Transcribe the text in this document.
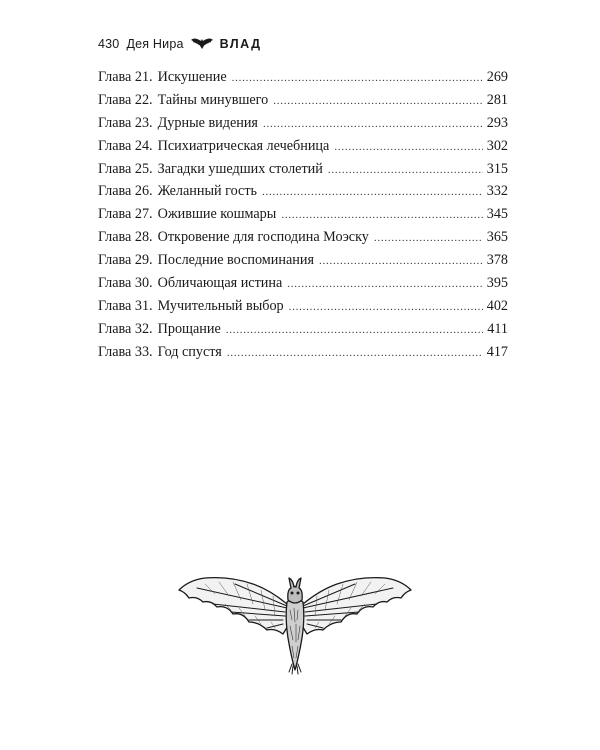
430 Дея Нира	ВЛАД
Глава 21. Искушение . . .	269
Глава 22. Тайны минувшего . . .	281
Глава 23. Дурные видения . . .	293
Глава 24. Психиатрическая лечебница . . .	302
Глава 25. Загадки ушедших столетий . . .	315
Глава 26. Желанный гость . . .	332
Глава 27. Ожившие кошмары . . .	345
Глава 28. Откровение для господина Моэску . . .	365
Глава 29. Последние воспоминания . . .	378
Глава 30. Обличающая истина . . .	395
Глава 31. Мучительный выбор . . .	402
Глава 32. Прощание . . .	411
Глава 33. Год спустя . . .	417
